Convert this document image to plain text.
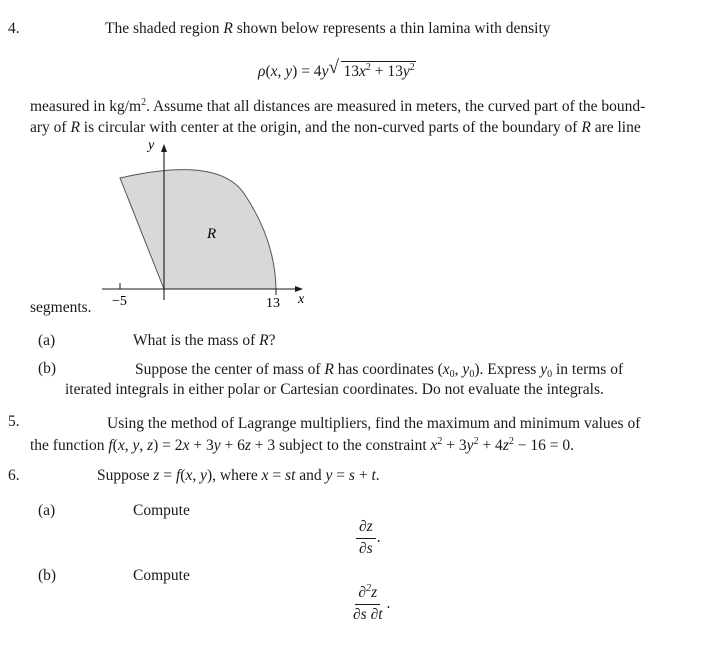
4.	The shaded region R shown below represents a thin lamina with density
ρ(x, y) = 4y √ $13x^2 + 13y^2$
measured in $kg/m^2$. Assume that all distances are measured in meters, the curved part of the bound-
ary of R is circular with center at the origin, and the non-curved parts of the boundary of R are line
R
y
x
−5	13
segments.
(a)	What is the mass of R?
(b)	Suppose the center of mass of R has coordinates ($x_0$, $y_0$). Express $y_0$ in terms of
iterated integrals in either polar or Cartesian coordinates. Do not evaluate the integrals.
5.	Using the method of Lagrange multipliers, find the maximum and minimum values of
the function f(x, y, z) = 2x + 3y + 6z + 3 subject to the constraint $x^2 + 3y^2 + 4z^2 - 16 = 0$.
6.	Suppose z = f(x, y), where x = st and y = s + t.
(a)	Compute
$\frac{\partial z}{\partial s}$ .
(b)	Compute
$\frac{\partial^2z}{\partial s \partial t}$ .
